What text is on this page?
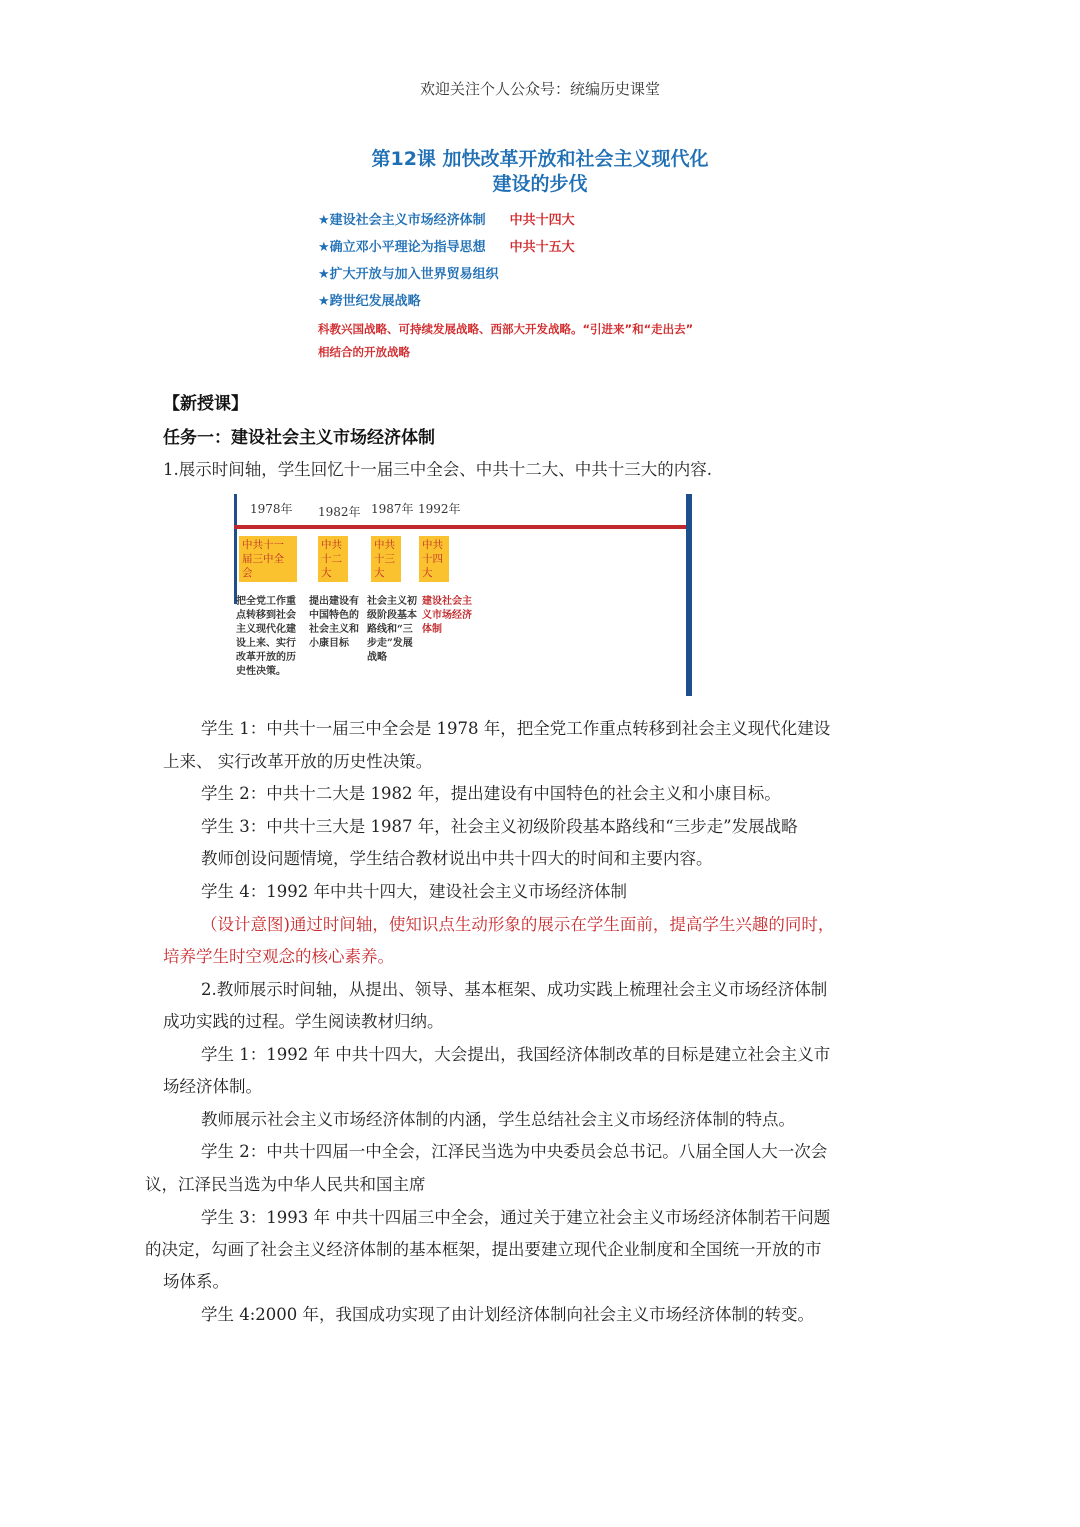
欢迎关注个人公众号：统编历史课堂
第12课 加快改革开放和社会主义现代化
建设的步伐
★建设社会主义市场经济体制 中共十四大
★确立邓小平理论为指导思想 中共十五大
★扩大开放与加入世界贸易组织
★跨世纪发展战略
科教兴国战略、可持续发展战略、西部大开发战略。“引进来”和“走出去”
相结合的开放战略
【新授课】
任务一：建设社会主义市场经济体制
1.展示时间轴，学生回忆十一届三中全会、中共十二大、中共十三大的内容.
1978年 1982年 1987年 1992年
中共十一届三中全会
中共十二大
中共十三大
中共十四大
把全党工作重点转移到社会主义现代化建设上来、实行改革开放的历史性决策。
提出建设有中国特色的社会主义和小康目标
社会主义初级阶段基本路线和“三步走”发展战略
建设社会主义市场经济体制
学生 1：中共十一届三中全会是 1978 年，把全党工作重点转移到社会主义现代化建设
上来、 实行改革开放的历史性决策。
学生 2：中共十二大是 1982 年，提出建设有中国特色的社会主义和小康目标。
学生 3：中共十三大是 1987 年，社会主义初级阶段基本路线和“三步走”发展战略
教师创设问题情境，学生结合教材说出中共十四大的时间和主要内容。
学生 4：1992 年中共十四大，建设社会主义市场经济体制
（设计意图)通过时间轴，使知识点生动形象的展示在学生面前，提高学生兴趣的同时，
培养学生时空观念的核心素养。
2.教师展示时间轴，从提出、领导、基本框架、成功实践上梳理社会主义市场经济体制
成功实践的过程。学生阅读教材归纳。
学生 1：1992 年 中共十四大，大会提出，我国经济体制改革的目标是建立社会主义市
场经济体制。
教师展示社会主义市场经济体制的内涵，学生总结社会主义市场经济体制的特点。
学生 2：中共十四届一中全会，江泽民当选为中央委员会总书记。八届全国人大一次会
议，江泽民当选为中华人民共和国主席
学生 3：1993 年 中共十四届三中全会，通过关于建立社会主义市场经济体制若干问题
的决定，勾画了社会主义经济体制的基本框架，提出要建立现代企业制度和全国统一开放的市
场体系。
学生 4:2000 年，我国成功实现了由计划经济体制向社会主义市场经济体制的转变。
